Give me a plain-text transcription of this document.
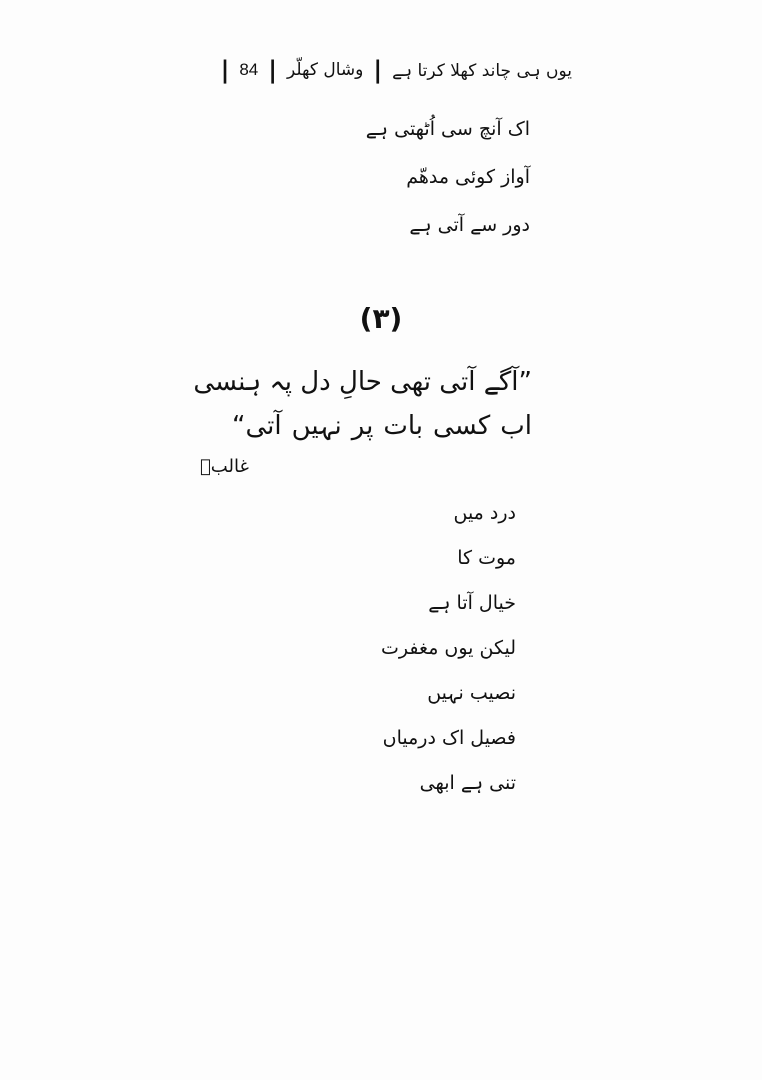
یوں ہی چاند کھلا کرتا ہے
|
وشال کھلّر
|
84
|
اک آنچ سی اُٹھتی ہے
آواز کوئی مدھّم
دور سے آتی ہے
(۳)
”آگے آتی تھی حالِ دل پہ ہنسی
اب کسی بات پر نہیں آتی“
غالبؔ
درد میں
موت کا
خیال آتا ہے
لیکن یوں مغفرت
نصیب نہیں
فصیل اک درمیاں
تنی ہے ابھی
